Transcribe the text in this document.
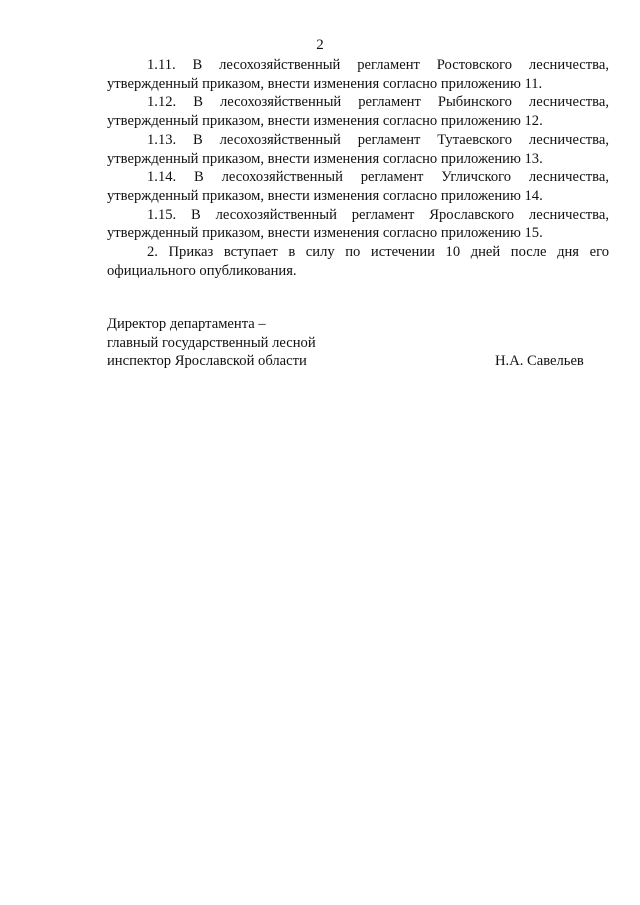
2

1.11. В лесохозяйственный регламент Ростовского лесничества, утвержденный приказом, внести изменения согласно приложению 11.

1.12. В лесохозяйственный регламент Рыбинского лесничества, утвержденный приказом, внести изменения согласно приложению 12.

1.13. В лесохозяйственный регламент Тутаевского лесничества, утвержденный приказом, внести изменения согласно приложению 13.

1.14. В лесохозяйственный регламент Угличского лесничества, утвержденный приказом, внести изменения согласно приложению 14.

1.15. В лесохозяйственный регламент Ярославского лесничества, утвержденный приказом, внести изменения согласно приложению 15.

2. Приказ вступает в силу по истечении 10 дней после дня его официального опубликования.

Директор департамента –
главный государственный лесной
инспектор Ярославской области	Н.А. Савельев
